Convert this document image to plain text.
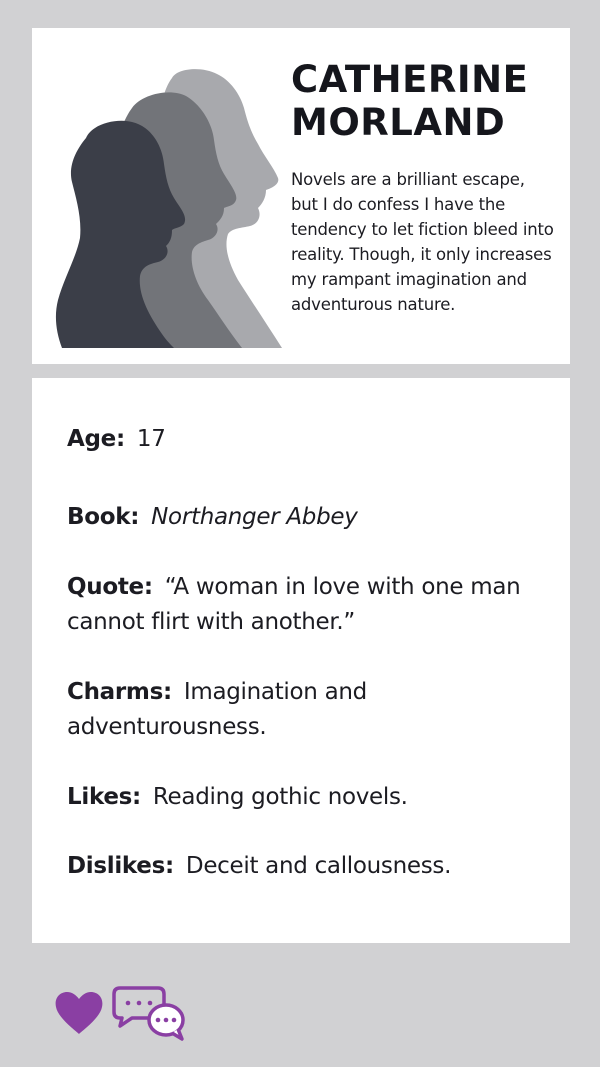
CATHERINE
MORLAND

Novels are a brilliant escape, but I do confess I have the tendency to let fiction bleed into reality. Though, it only increases my rampant imagination and adventurous nature.

Age: 17

Book: Northanger Abbey

Quote: “A woman in love with one man cannot flirt with another.”

Charms: Imagination and adventurousness.

Likes: Reading gothic novels.

Dislikes: Deceit and callousness.
